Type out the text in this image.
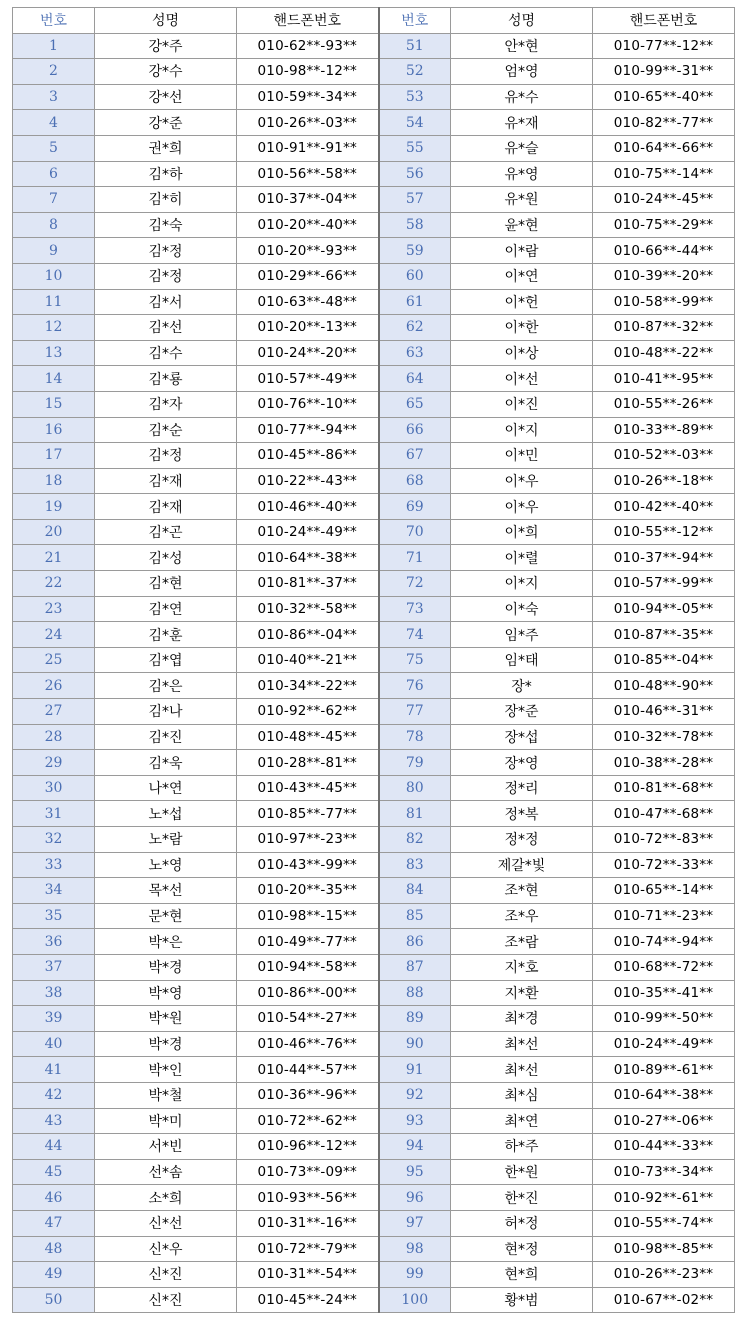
번호	성명	핸드폰번호	번호	성명	핸드폰번호
1	강*주	010-62**-93**	51	안*현	010-77**-12**
2	강*수	010-98**-12**	52	엄*영	010-99**-31**
3	강*선	010-59**-34**	53	유*수	010-65**-40**
4	강*준	010-26**-03**	54	유*재	010-82**-77**
5	권*희	010-91**-91**	55	유*슬	010-64**-66**
6	김*하	010-56**-58**	56	유*영	010-75**-14**
7	김*히	010-37**-04**	57	유*원	010-24**-45**
8	김*숙	010-20**-40**	58	윤*현	010-75**-29**
9	김*정	010-20**-93**	59	이*람	010-66**-44**
10	김*정	010-29**-66**	60	이*연	010-39**-20**
11	김*서	010-63**-48**	61	이*헌	010-58**-99**
12	김*선	010-20**-13**	62	이*한	010-87**-32**
13	김*수	010-24**-20**	63	이*상	010-48**-22**
14	김*룡	010-57**-49**	64	이*선	010-41**-95**
15	김*자	010-76**-10**	65	이*진	010-55**-26**
16	김*순	010-77**-94**	66	이*지	010-33**-89**
17	김*정	010-45**-86**	67	이*민	010-52**-03**
18	김*재	010-22**-43**	68	이*우	010-26**-18**
19	김*재	010-46**-40**	69	이*우	010-42**-40**
20	김*곤	010-24**-49**	70	이*희	010-55**-12**
21	김*성	010-64**-38**	71	이*렬	010-37**-94**
22	김*현	010-81**-37**	72	이*지	010-57**-99**
23	김*연	010-32**-58**	73	이*숙	010-94**-05**
24	김*훈	010-86**-04**	74	임*주	010-87**-35**
25	김*엽	010-40**-21**	75	임*태	010-85**-04**
26	김*은	010-34**-22**	76	장*	010-48**-90**
27	김*나	010-92**-62**	77	장*준	010-46**-31**
28	김*진	010-48**-45**	78	장*섭	010-32**-78**
29	김*욱	010-28**-81**	79	장*영	010-38**-28**
30	나*연	010-43**-45**	80	정*리	010-81**-68**
31	노*섭	010-85**-77**	81	정*복	010-47**-68**
32	노*람	010-97**-23**	82	정*정	010-72**-83**
33	노*영	010-43**-99**	83	제갈*빛	010-72**-33**
34	목*선	010-20**-35**	84	조*현	010-65**-14**
35	문*현	010-98**-15**	85	조*우	010-71**-23**
36	박*은	010-49**-77**	86	조*람	010-74**-94**
37	박*경	010-94**-58**	87	지*호	010-68**-72**
38	박*영	010-86**-00**	88	지*환	010-35**-41**
39	박*원	010-54**-27**	89	최*경	010-99**-50**
40	박*경	010-46**-76**	90	최*선	010-24**-49**
41	박*인	010-44**-57**	91	최*선	010-89**-61**
42	박*철	010-36**-96**	92	최*심	010-64**-38**
43	박*미	010-72**-62**	93	최*연	010-27**-06**
44	서*빈	010-96**-12**	94	하*주	010-44**-33**
45	선*솜	010-73**-09**	95	한*원	010-73**-34**
46	소*희	010-93**-56**	96	한*진	010-92**-61**
47	신*선	010-31**-16**	97	허*정	010-55**-74**
48	신*우	010-72**-79**	98	현*정	010-98**-85**
49	신*진	010-31**-54**	99	현*희	010-26**-23**
50	신*진	010-45**-24**	100	황*범	010-67**-02**
